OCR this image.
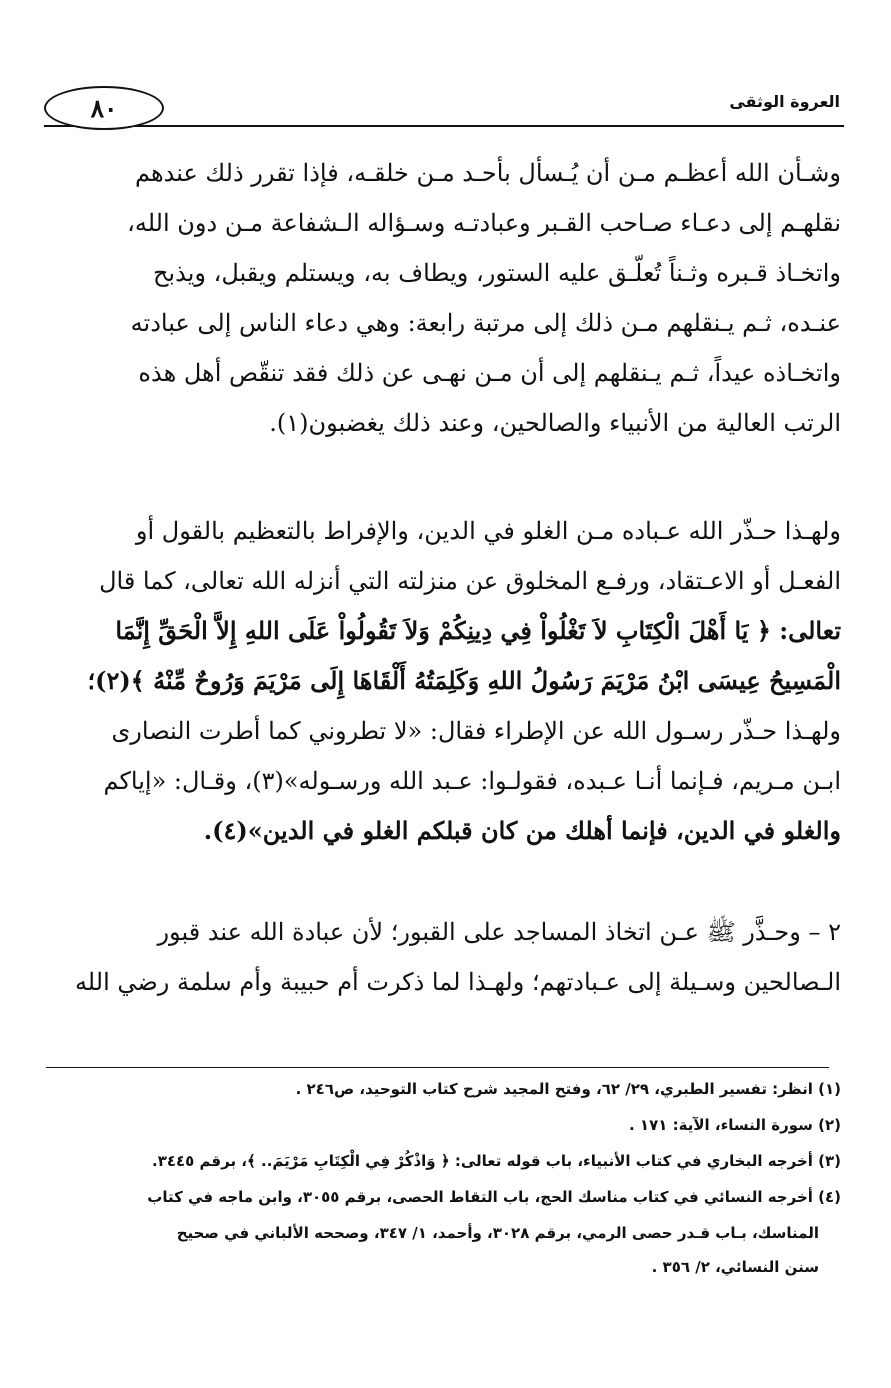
٨٠	العروة الوثقى
وشـأن الله أعظـم مـن أن يُـسأل بأحـد مـن خلقـه، فإذا تقرر ذلك عندهم
نقلهـم إلى دعـاء صـاحب القـبر وعبادتـه وسـؤاله الـشفاعة مـن دون الله،
واتخـاذ قـبره وثـناً تُعلّـق عليه الستور، ويطاف به، ويستلم ويقبل، ويذبح
عنـده، ثـم يـنقلهم مـن ذلك إلى مرتبة رابعة: وهي دعاء الناس إلى عبادته
واتخـاذه عيداً، ثـم يـنقلهم إلى أن مـن نهـى عن ذلك فقد تنقّص أهل هذه
الرتب العالية من الأنبياء والصالحين، وعند ذلك يغضبون(١).
ولهـذا حـذّر الله عـباده مـن الغلو في الدين، والإفراط بالتعظيم بالقول أو
الفعـل أو الاعـتقاد، ورفـع المخلوق عن منزلته التي أنزله الله تعالى، كما قال
تعالى: ﴿ يَا أَهْلَ الْكِتَابِ لاَ تَغْلُواْ فِي دِينِكُمْ وَلاَ تَقُولُواْ عَلَى اللهِ إِلاَّ الْحَقِّ إِنَّمَا
الْمَسِيحُ عِيسَى ابْنُ مَرْيَمَ رَسُولُ اللهِ وَكَلِمَتُهُ أَلْقَاهَا إِلَى مَرْيَمَ وَرُوحٌ مِّنْهُ ﴾(٢)؛
ولهـذا حـذّر رسـول الله عن الإطراء فقال: «لا تطروني كما أطرت النصارى
ابـن مـريم، فـإنما أنـا عـبده، فقولـوا: عـبد الله ورسـوله»(٣)، وقـال: «إياكم
والغلو في الدين، فإنما أهلك من كان قبلكم الغلو في الدين»(٤).
٢ – وحـذَّر ﷺ عـن اتخاذ المساجد على القبور؛ لأن عبادة الله عند قبور
الـصالحين وسـيلة إلى عـبادتهم؛ ولهـذا لما ذكرت أم حبيبة وأم سلمة رضي الله
(١) انظر: تفسير الطبري، ٢٩/ ٦٢، وفتح المجيد شرح كتاب التوحيد، ص٢٤٦ .
(٢) سورة النساء، الآية: ١٧١ .
(٣) أخرجه البخاري في كتاب الأنبياء، باب قوله تعالى: ﴿ وَاذْكُرْ فِي الْكِتَابِ مَرْيَمَ.. ﴾، برقم ٣٤٤٥.
(٤) أخرجه النسائي في كتاب مناسك الحج، باب التقاط الحصى، برقم ٣٠٥٥، وابن ماجه في كتاب
المناسك، بـاب قـدر حصى الرمي، برقم ٣٠٢٨، وأحمد، ١/ ٣٤٧، وصححه الألباني في صحيح
سنن النسائي، ٢/ ٣٥٦ .
